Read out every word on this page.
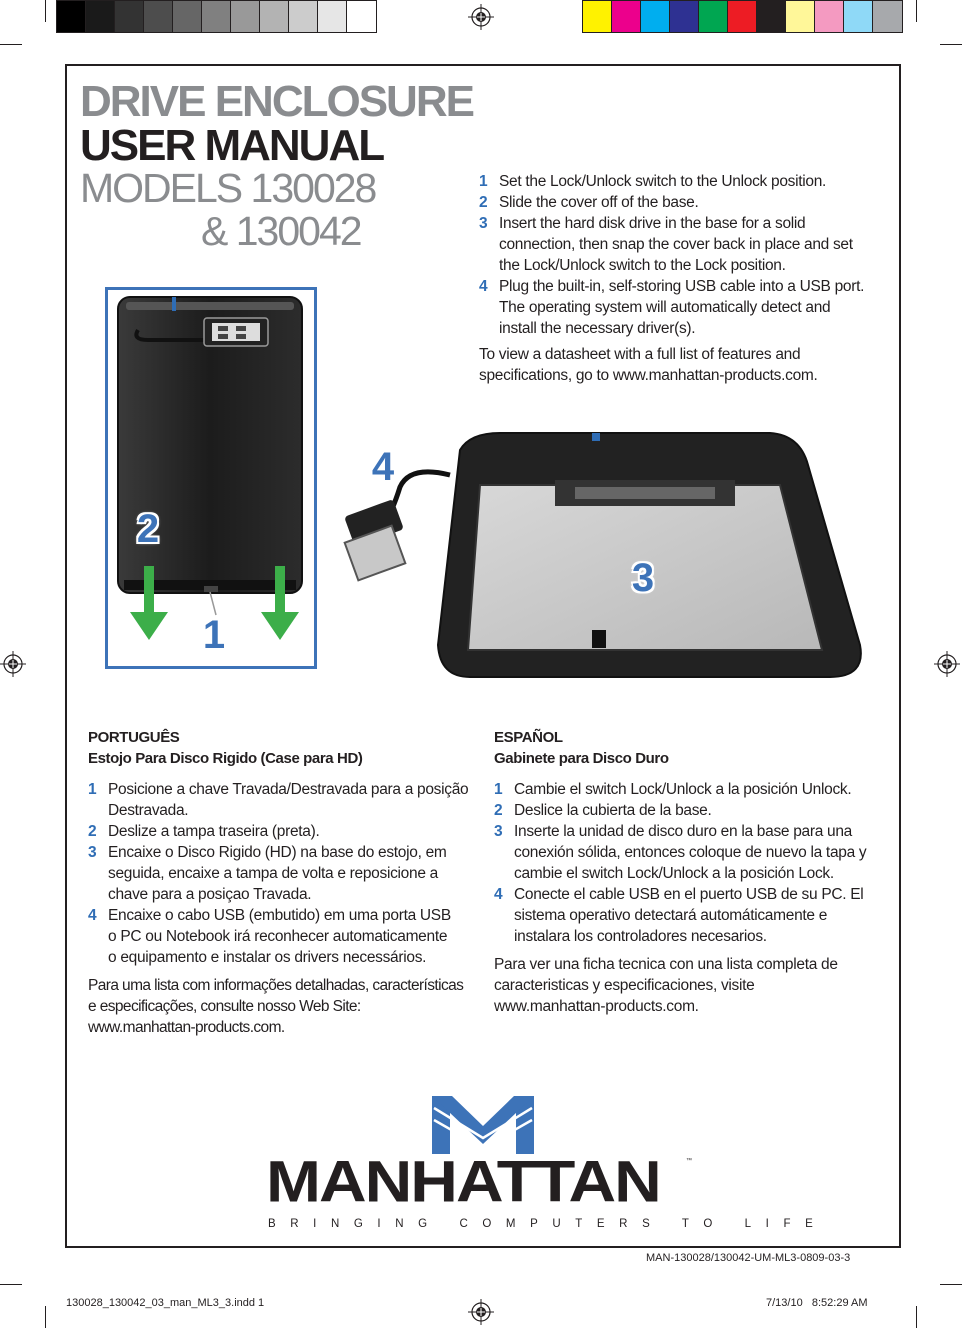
DRIVE ENCLOSURE
USER MANUAL
MODELS 130028
& 130042
1 Set the Lock/Unlock switch to the Unlock position.
2 Slide the cover off of the base.
3 Insert the hard disk drive in the base for a solid
connection, then snap the cover back in place and set
the Lock/Unlock switch to the Lock position.
4 Plug the built-in, self-storing USB cable into a USB port.
The operating system will automatically detect and
install the necessary driver(s).
To view a datasheet with a full list of features and
specifications, go to www.manhattan-products.com.
1
2
3
4
PORTUGUÊS
Estojo Para Disco Rigido (Case para HD)
1 Posicione a chave Travada/Destravada para a posição
Destravada.
2 Deslize a tampa traseira (preta).
3 Encaixe o Disco Rigido (HD) na base do estojo, em
seguida, encaixe a tampa de volta e reposicione a
chave para a posiçao Travada.
4 Encaixe o cabo USB (embutido) em uma porta USB
o PC ou Notebook irá reconhecer automaticamente
o equipamento e instalar os drivers necessários.
Para uma lista com informações detalhadas, características
e especificações, consulte nosso Web Site:
www.manhattan-products.com.
ESPAÑOL
Gabinete para Disco Duro
1 Cambie el switch Lock/Unlock a la posición Unlock.
2 Deslice la cubierta de la base.
3 Inserte la unidad de disco duro en la base para una
conexión sólida, entonces coloque de nuevo la tapa y
cambie el switch Lock/Unlock a la posición Lock.
4 Conecte el cable USB en el puerto USB de su PC. El
sistema operativo detectará automáticamente e
instalara los controladores necesarios.
Para ver una ficha tecnica con una lista completa de
caracteristicas y especificaciones, visite
www.manhattan-products.com.
MANHATTAN	™
BRINGING COMPUTERS TO LIFE
MAN-130028/130042-UM-ML3-0809-03-3
130028_130042_03_man_ML3_3.indd 1	7/13/10   8:52:29 AM
